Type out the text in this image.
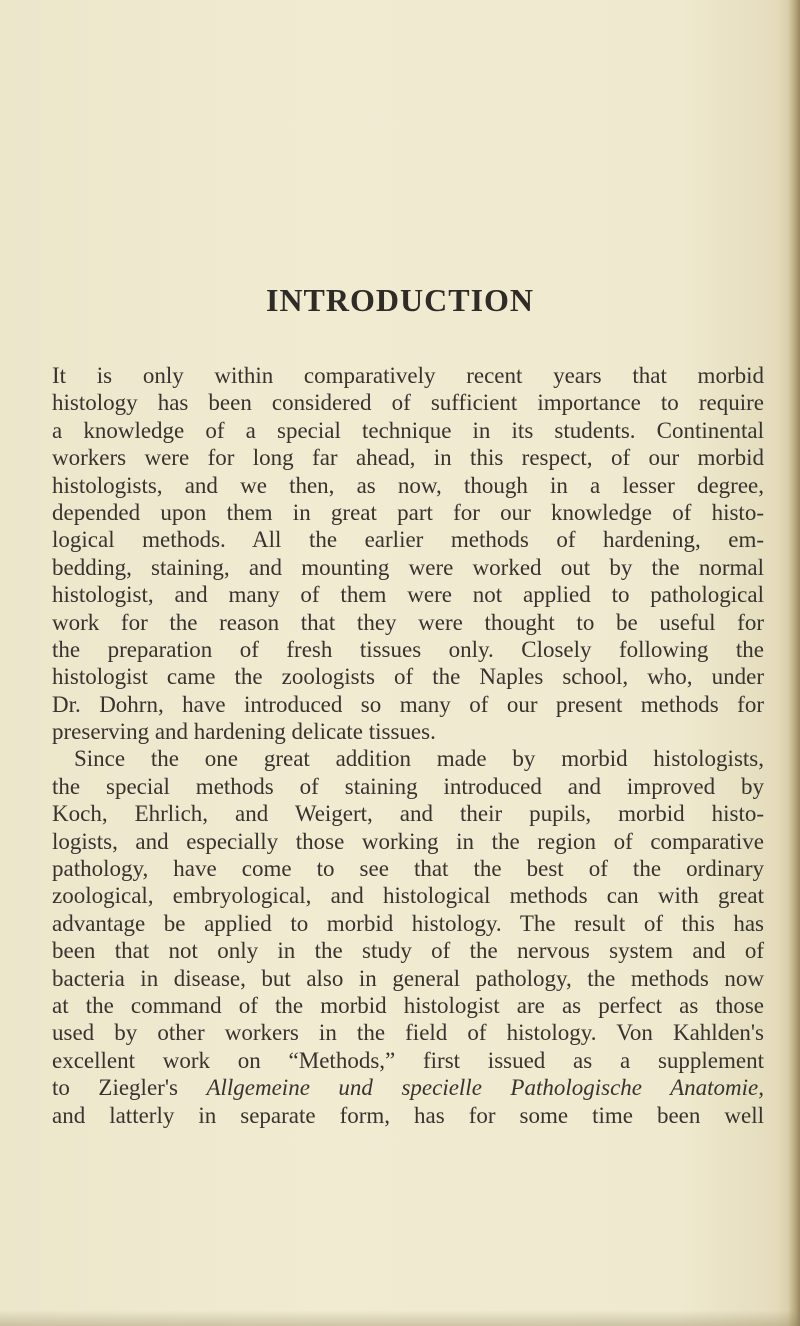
INTRODUCTION
It is only within comparatively recent years that morbid
histology has been considered of sufficient importance to require
a knowledge of a special technique in its students. Continental
workers were for long far ahead, in this respect, of our morbid
histologists, and we then, as now, though in a lesser degree,
depended upon them in great part for our knowledge of histo-
logical methods. All the earlier methods of hardening, em-
bedding, staining, and mounting were worked out by the normal
histologist, and many of them were not applied to pathological
work for the reason that they were thought to be useful for
the preparation of fresh tissues only. Closely following the
histologist came the zoologists of the Naples school, who, under
Dr. Dohrn, have introduced so many of our present methods for
preserving and hardening delicate tissues.
Since the one great addition made by morbid histologists,
the special methods of staining introduced and improved by
Koch, Ehrlich, and Weigert, and their pupils, morbid histo-
logists, and especially those working in the region of comparative
pathology, have come to see that the best of the ordinary
zoological, embryological, and histological methods can with great
advantage be applied to morbid histology. The result of this has
been that not only in the study of the nervous system and of
bacteria in disease, but also in general pathology, the methods now
at the command of the morbid histologist are as perfect as those
used by other workers in the field of histology. Von Kahlden's
excellent work on “Methods,” first issued as a supplement
to Ziegler's Allgemeine und specielle Pathologische Anatomie,
and latterly in separate form, has for some time been well
